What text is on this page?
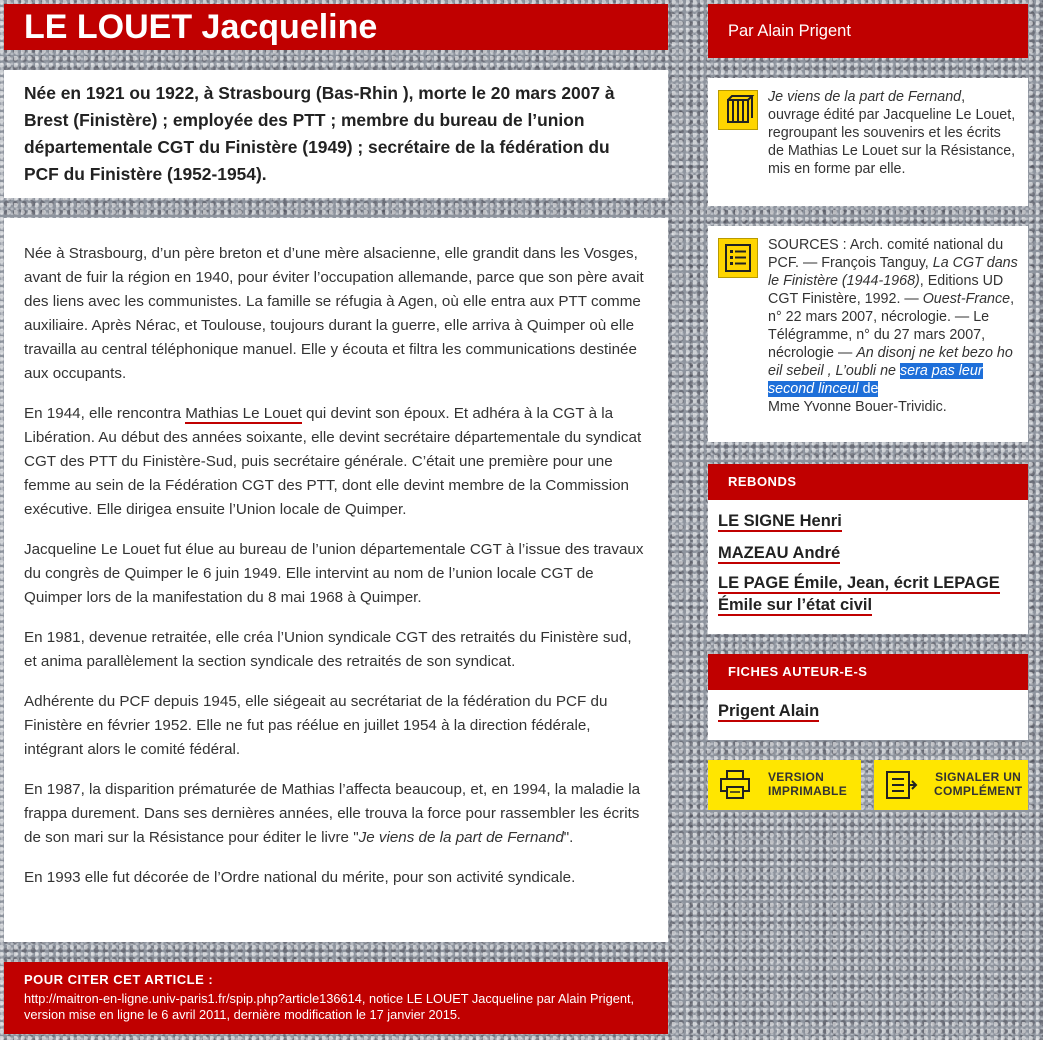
LE LOUET Jacqueline
Née en 1921 ou 1922, à Strasbourg (Bas-Rhin ), morte le 20 mars 2007 à Brest (Finistère) ; employée des PTT ; membre du bureau de l’union départementale CGT du Finistère (1949) ; secrétaire de la fédération du PCF du Finistère (1952-1954).

Née à Strasbourg, d’un père breton et d’une mère alsacienne, elle grandit dans les Vosges, avant de fuir la région en 1940, pour éviter l’occupation allemande, parce que son père avait des liens avec les communistes. La famille se réfugia à Agen, où elle entra aux PTT comme auxiliaire. Après Nérac, et Toulouse, toujours durant la guerre, elle arriva à Quimper où elle travailla au central téléphonique manuel. Elle y écouta et filtra les communications destinée aux occupants.

En 1944, elle rencontra Mathias Le Louet qui devint son époux. Et adhéra à la CGT à la Libération. Au début des années soixante, elle devint secrétaire départementale du syndicat CGT des PTT du Finistère-Sud, puis secrétaire générale. C’était une première pour une femme au sein de la Fédération CGT des PTT, dont elle devint membre de la Commission exécutive. Elle dirigea ensuite l’Union locale de Quimper.

Jacqueline Le Louet fut élue au bureau de l’union départementale CGT à l’issue des travaux du congrès de Quimper le 6 juin 1949. Elle intervint au nom de l’union locale CGT de Quimper lors de la manifestation du 8 mai 1968 à Quimper.

En 1981, devenue retraitée, elle créa l’Union syndicale CGT des retraités du Finistère sud, et anima parallèlement la section syndicale des retraités de son syndicat.

Adhérente du PCF depuis 1945, elle siégeait au secrétariat de la fédération du PCF du Finistère en février 1952. Elle ne fut pas réélue en juillet 1954 à la direction fédérale, intégrant alors le comité fédéral.

En 1987, la disparition prématurée de Mathias l’affecta beaucoup, et, en 1994, la maladie la frappa durement. Dans ses dernières années, elle trouva la force pour rassembler les écrits de son mari sur la Résistance pour éditer le livre "Je viens de la part de Fernand".

En 1993 elle fut décorée de l’Ordre national du mérite, pour son activité syndicale.

POUR CITER CET ARTICLE :
http://maitron-en-ligne.univ-paris1.fr/spip.php?article136614, notice LE LOUET Jacqueline par Alain Prigent, version mise en ligne le 6 avril 2011, dernière modification le 17 janvier 2015.
Par Alain Prigent
Je viens de la part de Fernand, ouvrage édité par Jacqueline Le Louet, regroupant les souvenirs et les écrits de Mathias Le Louet sur la Résistance, mis en forme par elle.
SOURCES : Arch. comité national du PCF. — François Tanguy, La CGT dans le Finistère (1944-1968), Editions UD CGT Finistère, 1992. — Ouest-France, n° 22 mars 2007, nécrologie. — Le Télégramme, n° du 27 mars 2007, nécrologie — An disonj ne ket bezo ho eil sebeil , L’oubli ne sera pas leur second linceul de
Mme Yvonne Bouer-Trividic.
REBONDS
LE SIGNE Henri
MAZEAU André
LE PAGE Émile, Jean, écrit LEPAGE Émile sur l’état civil
FICHES AUTEUR-E-S
Prigent Alain
VERSION
IMPRIMABLE
SIGNALER UN
COMPLÉMENT
